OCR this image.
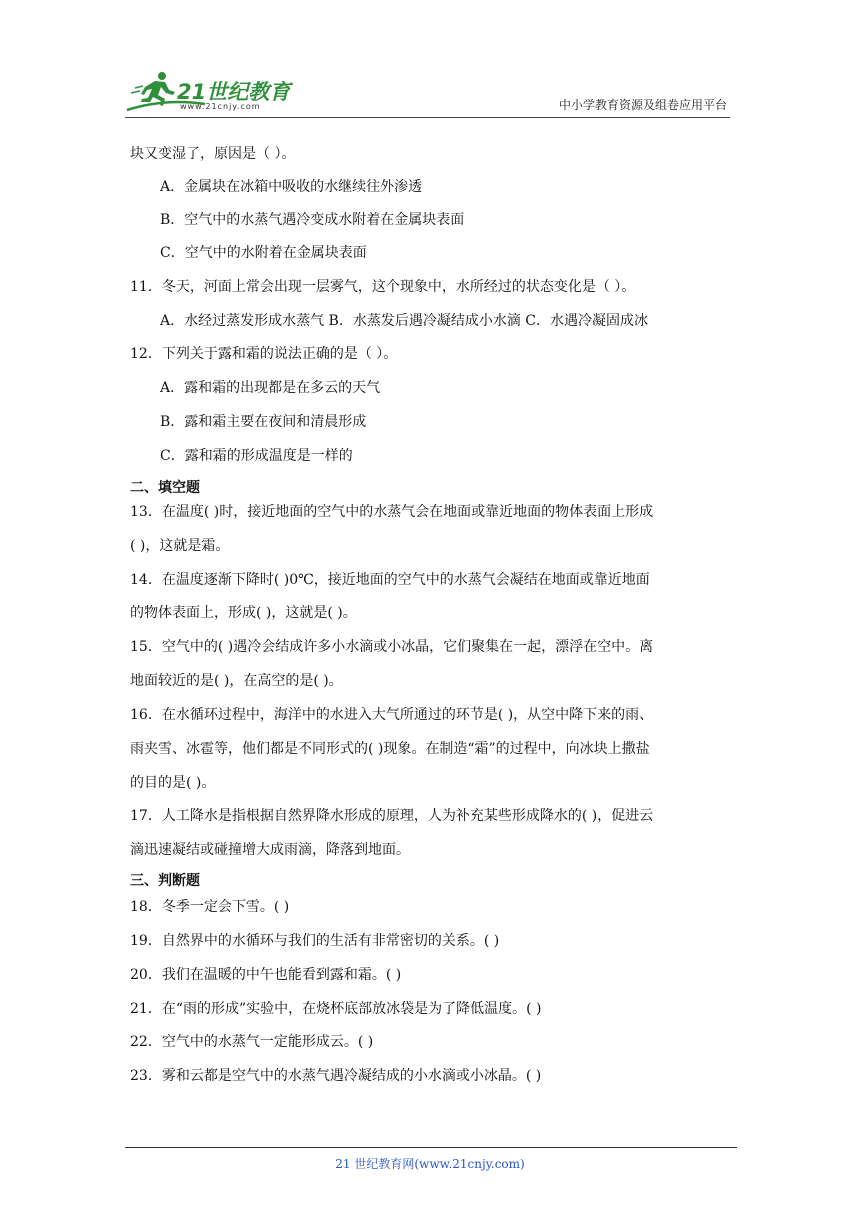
21世纪教育
www.21cnjy.com	中小学教育资源及组卷应用平台
块又变湿了，原因是（ ）。
A．金属块在冰箱中吸收的水继续往外渗透
B．空气中的水蒸气遇冷变成水附着在金属块表面
C．空气中的水附着在金属块表面
11．冬天，河面上常会出现一层雾气，这个现象中，水所经过的状态变化是（ ）。
A．水经过蒸发形成水蒸气 B．水蒸发后遇冷凝结成小水滴 C．水遇冷凝固成冰
12．下列关于露和霜的说法正确的是（ ）。
A．露和霜的出现都是在多云的天气
B．露和霜主要在夜间和清晨形成
C．露和霜的形成温度是一样的
二、填空题
13．在温度( )时，接近地面的空气中的水蒸气会在地面或靠近地面的物体表面上形成
( )，这就是霜。
14．在温度逐渐下降时( )0℃，接近地面的空气中的水蒸气会凝结在地面或靠近地面
的物体表面上，形成( )，这就是( )。
15．空气中的( )遇冷会结成许多小水滴或小冰晶，它们聚集在一起，漂浮在空中。离
地面较近的是( )，在高空的是( )。
16．在水循环过程中，海洋中的水进入大气所通过的环节是( )，从空中降下来的雨、
雨夹雪、冰雹等，他们都是不同形式的( )现象。在制造“霜”的过程中，向冰块上撒盐
的目的是( )。
17．人工降水是指根据自然界降水形成的原理，人为补充某些形成降水的( )，促进云
滴迅速凝结或碰撞增大成雨滴，降落到地面。
三、判断题
18．冬季一定会下雪。( )
19．自然界中的水循环与我们的生活有非常密切的关系。( )
20．我们在温暖的中午也能看到露和霜。( )
21．在“雨的形成”实验中，在烧杯底部放冰袋是为了降低温度。( )
22．空气中的水蒸气一定能形成云。( )
23．雾和云都是空气中的水蒸气遇冷凝结成的小水滴或小冰晶。( )
21 世纪教育网(www.21cnjy.com)
